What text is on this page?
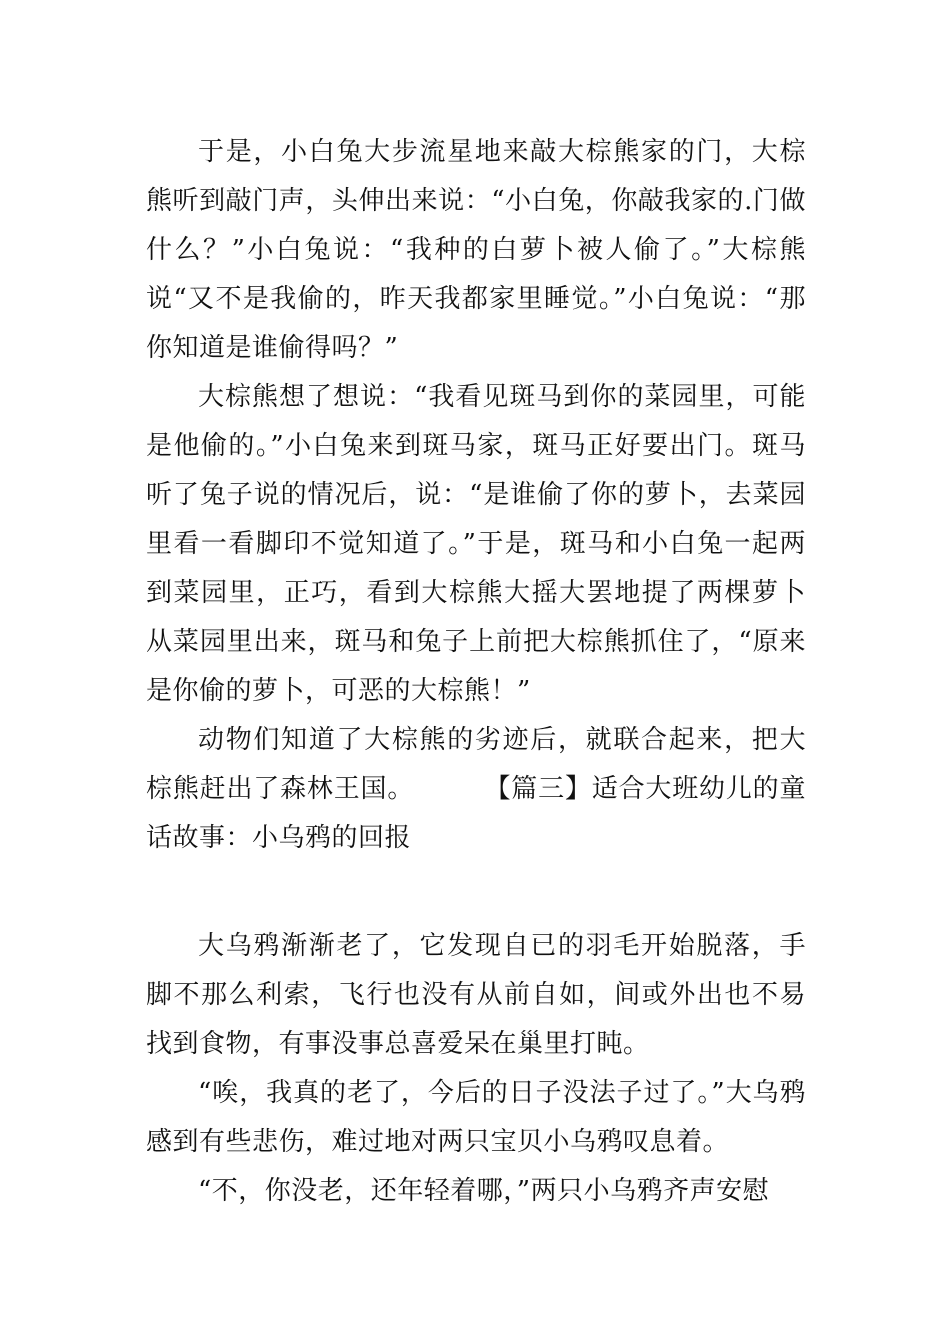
于是，小白兔大步流星地来敲大棕熊家的门，大棕熊听到敲门声，头伸出来说：“小白兔，你敲我家的.门做什么？”小白兔说：“我种的白萝卜被人偷了。”大棕熊说“又不是我偷的，昨天我都家里睡觉。”小白兔说：“那你知道是谁偷得吗？”

大棕熊想了想说：“我看见斑马到你的菜园里，可能是他偷的。”小白兔来到斑马家，斑马正好要出门。斑马听了兔子说的情况后，说：“是谁偷了你的萝卜，去菜园里看一看脚印不觉知道了。”于是，斑马和小白兔一起两到菜园里，正巧，看到大棕熊大摇大罢地提了两棵萝卜从菜园里出来，斑马和兔子上前把大棕熊抓住了，“原来是你偷的萝卜，可恶的大棕熊！”

动物们知道了大棕熊的劣迹后，就联合起来，把大棕熊赶出了森林王国。	【篇三】适合大班幼儿的童话故事：小乌鸦的回报

大乌鸦渐渐老了，它发现自已的羽毛开始脱落，手脚不那么利索，飞行也没有从前自如，间或外出也不易找到食物，有事没事总喜爱呆在巢里打盹。

“唉，我真的老了，今后的日子没法子过了。”大乌鸦感到有些悲伤，难过地对两只宝贝小乌鸦叹息着。

“不，你没老，还年轻着哪，”两只小乌鸦齐声安慰
